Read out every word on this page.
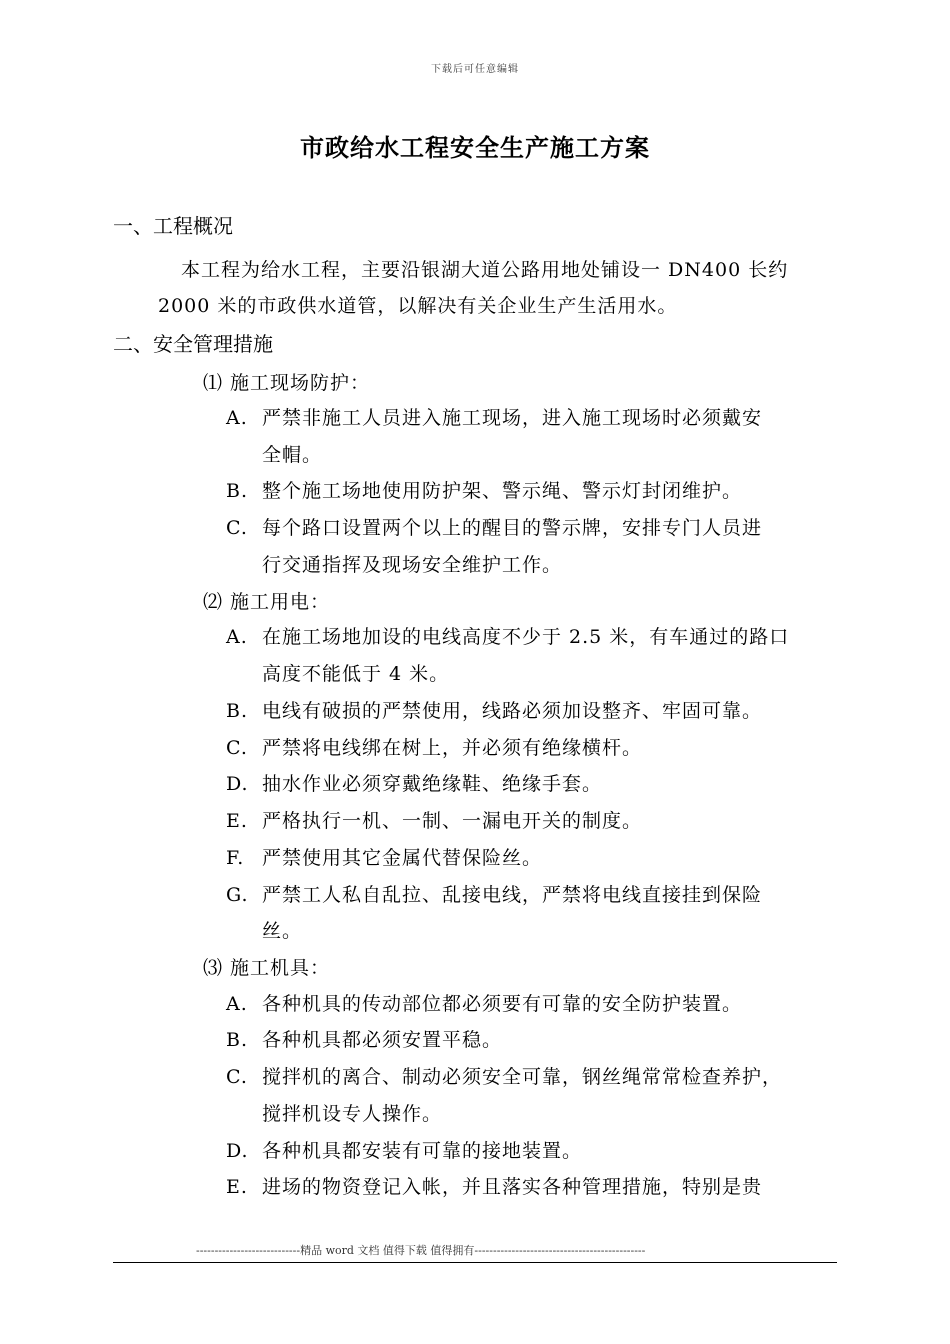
下载后可任意编辑
市政给水工程安全生产施工方案
一、工程概况
本工程为给水工程，主要沿银湖大道公路用地处铺设一 DN400 长约
2000 米的市政供水道管，以解决有关企业生产生活用水。
二、安全管理措施
⑴ 施工现场防护：
A. 严禁非施工人员进入施工现场，进入施工现场时必须戴安
全帽。
B. 整个施工场地使用防护架、警示绳、警示灯封闭维护。
C. 每个路口设置两个以上的醒目的警示牌，安排专门人员进
行交通指挥及现场安全维护工作。
⑵ 施工用电：
A. 在施工场地加设的电线高度不少于 2.5 米，有车通过的路口
高度不能低于 4 米。
B. 电线有破损的严禁使用，线路必须加设整齐、牢固可靠。
C. 严禁将电线绑在树上，并必须有绝缘横杆。
D. 抽水作业必须穿戴绝缘鞋、绝缘手套。
E. 严格执行一机、一制、一漏电开关的制度。
F. 严禁使用其它金属代替保险丝。
G. 严禁工人私自乱拉、乱接电线，严禁将电线直接挂到保险
丝。
⑶ 施工机具：
A. 各种机具的传动部位都必须要有可靠的安全防护装置。
B. 各种机具都必须安置平稳。
C. 搅拌机的离合、制动必须安全可靠，钢丝绳常常检查养护，
搅拌机设专人操作。
D. 各种机具都安装有可靠的接地装置。
E. 进场的物资登记入帐，并且落实各种管理措施，特别是贵
----------------------------精品 word 文档 值得下载 值得拥有----------------------------------------------
